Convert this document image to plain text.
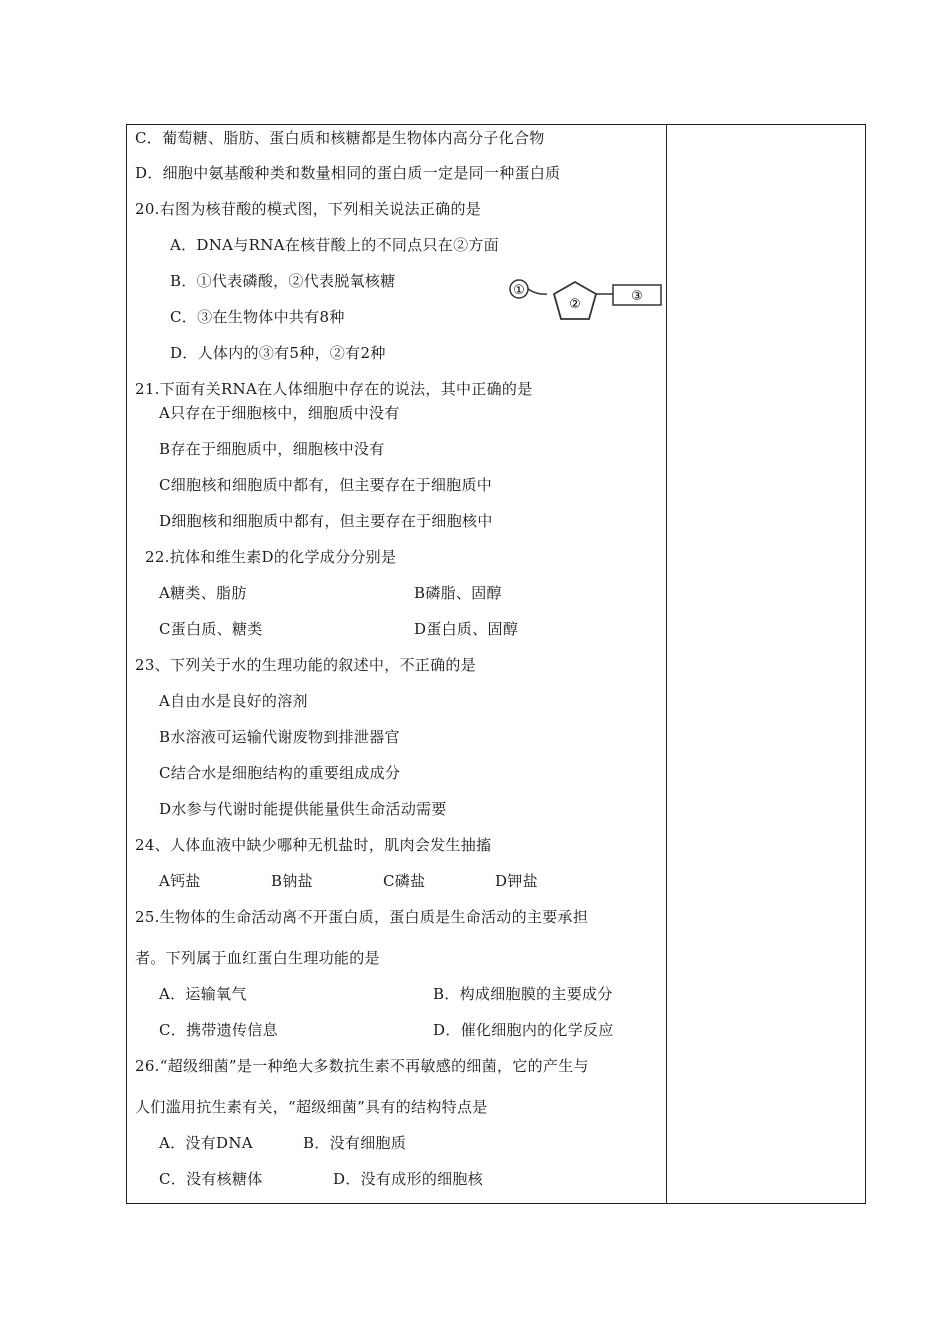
C．葡萄糖、脂肪、蛋白质和核糖都是生物体内高分子化合物
D．细胞中氨基酸种类和数量相同的蛋白质一定是同一种蛋白质
20.右图为核苷酸的模式图，下列相关说法正确的是
A．DNA与RNA在核苷酸上的不同点只在②方面
B．①代表磷酸，②代表脱氧核糖
C．③在生物体中共有8种
D．人体内的③有5种，②有2种
①
②
③
21.下面有关RNA在人体细胞中存在的说法，其中正确的是
A只存在于细胞核中，细胞质中没有
B存在于细胞质中，细胞核中没有
C细胞核和细胞质中都有，但主要存在于细胞质中
D细胞核和细胞质中都有，但主要存在于细胞核中
22.抗体和维生素D的化学成分分别是
A糖类、脂肪	B磷脂、固醇
C蛋白质、糖类	D蛋白质、固醇
23、下列关于水的生理功能的叙述中，不正确的是
A自由水是良好的溶剂
B水溶液可运输代谢废物到排泄器官
C结合水是细胞结构的重要组成成分
D水参与代谢时能提供能量供生命活动需要
24、人体血液中缺少哪种无机盐时，肌肉会发生抽搐
A钙盐	B钠盐	C磷盐	D钾盐
25.生物体的生命活动离不开蛋白质，蛋白质是生命活动的主要承担
者。下列属于血红蛋白生理功能的是
A．运输氧气	B．构成细胞膜的主要成分
C．携带遗传信息	D．催化细胞内的化学反应
26.“超级细菌”是一种绝大多数抗生素不再敏感的细菌，它的产生与
人们滥用抗生素有关，“超级细菌”具有的结构特点是
A．没有DNA	B．没有细胞质
C．没有核糖体	D．没有成形的细胞核
